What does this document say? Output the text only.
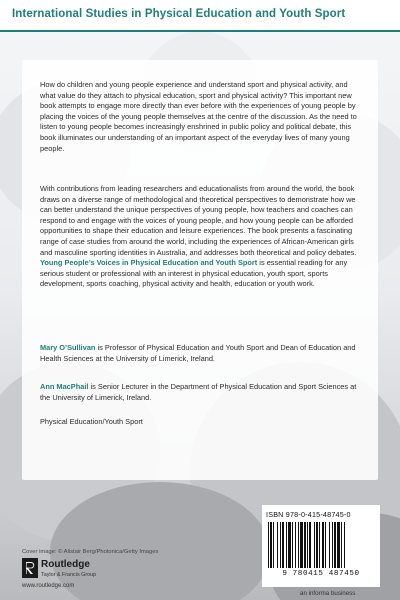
International Studies in Physical Education and Youth Sport

How do children and young people experience and understand sport and physical activity, and what value do they attach to physical education, sport and physical activity? This important new book attempts to engage more directly than ever before with the experiences of young people by placing the voices of the young people themselves at the centre of the discussion. As the need to listen to young people becomes increasingly enshrined in public policy and political debate, this book illuminates our understanding of an important aspect of the everyday lives of many young people.

With contributions from leading researchers and educationalists from around the world, the book draws on a diverse range of methodological and theoretical perspectives to demonstrate how we can better understand the unique perspectives of young people, how teachers and coaches can respond to and engage with the voices of young people, and how young people can be afforded opportunities to shape their education and leisure experiences. The book presents a fascinating range of case studies from around the world, including the experiences of African-American girls and masculine sporting identities in Australia, and addresses both theoretical and policy debates. Young People’s Voices in Physical Education and Youth Sport is essential reading for any serious student or professional with an interest in physical education, youth sport, sports development, sports coaching, physical activity and health, education or youth work.

Mary O’Sullivan is Professor of Physical Education and Youth Sport and Dean of Education and Health Sciences at the University of Limerick, Ireland.

Ann MacPhail is Senior Lecturer in the Department of Physical Education and Sport Sciences at the University of Limerick, Ireland.

Physical Education/Youth Sport

Cover image: © Alistair Berg/Photonica/Getty Images
Routledge
Taylor & Francis Group
www.routledge.com
ISBN 978-0-415-48745-0
9 780415 487450
an informa business
